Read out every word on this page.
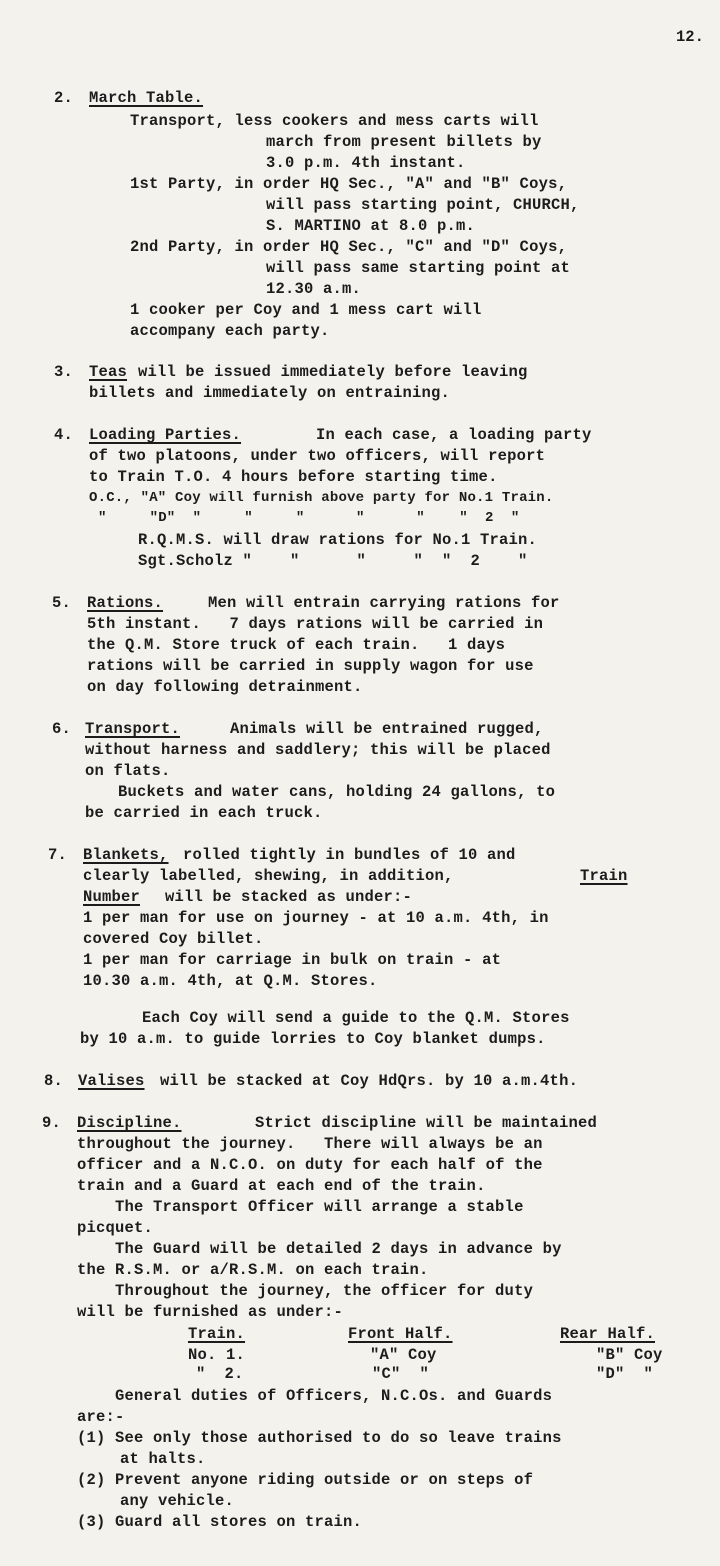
12.
2. March Table.
Transport, less cookers and mess carts will
march from present billets by
3.0 p.m. 4th instant.
1st Party, in order HQ Sec., "A" and "B" Coys,
will pass starting point, CHURCH,
S. MARTINO at 8.0 p.m.
2nd Party, in order HQ Sec., "C" and "D" Coys,
will pass same starting point at
12.30 a.m.
1 cooker per Coy and 1 mess cart will
accompany each party.
3. Teas will be issued immediately before leaving
billets and immediately on entraining.
4. Loading Parties.	In each case, a loading party
of two platoons, under two officers, will report
to Train T.O. 4 hours before starting time.
O.C., "A" Coy will furnish above party for No.1 Train.
"     "D"  "     "     "      "      "    "  2  "
R.Q.M.S. will draw rations for No.1 Train.
Sgt.Scholz "    "      "     "  "  2    "
5. Rations.	Men will entrain carrying rations for
5th instant.   7 days rations will be carried in
the Q.M. Store truck of each train.   1 days
rations will be carried in supply wagon for use
on day following detrainment.
6. Transport.	Animals will be entrained rugged,
without harness and saddlery; this will be placed
on flats.
Buckets and water cans, holding 24 gallons, to
be carried in each truck.
7. Blankets, rolled tightly in bundles of 10 and
clearly labelled, shewing, in addition,	Train
Number will be stacked as under:-
1 per man for use on journey - at 10 a.m. 4th, in
covered Coy billet.
1 per man for carriage in bulk on train - at
10.30 a.m. 4th, at Q.M. Stores.
Each Coy will send a guide to the Q.M. Stores
by 10 a.m. to guide lorries to Coy blanket dumps.
8. Valises will be stacked at Coy HdQrs. by 10 a.m.4th.
9. Discipline.	Strict discipline will be maintained
throughout the journey.   There will always be an
officer and a N.C.O. on duty for each half of the
train and a Guard at each end of the train.
The Transport Officer will arrange a stable
picquet.
The Guard will be detailed 2 days in advance by
the R.S.M. or a/R.S.M. on each train.
Throughout the journey, the officer for duty
will be furnished as under:-
Train.	Front Half.	Rear Half.
No. 1.	"A" Coy	"B" Coy
"  2.	"C"  "	"D"  "
General duties of Officers, N.C.Os. and Guards
are:-
(1) See only those authorised to do so leave trains
at halts.
(2) Prevent anyone riding outside or on steps of
any vehicle.
(3) Guard all stores on train.
